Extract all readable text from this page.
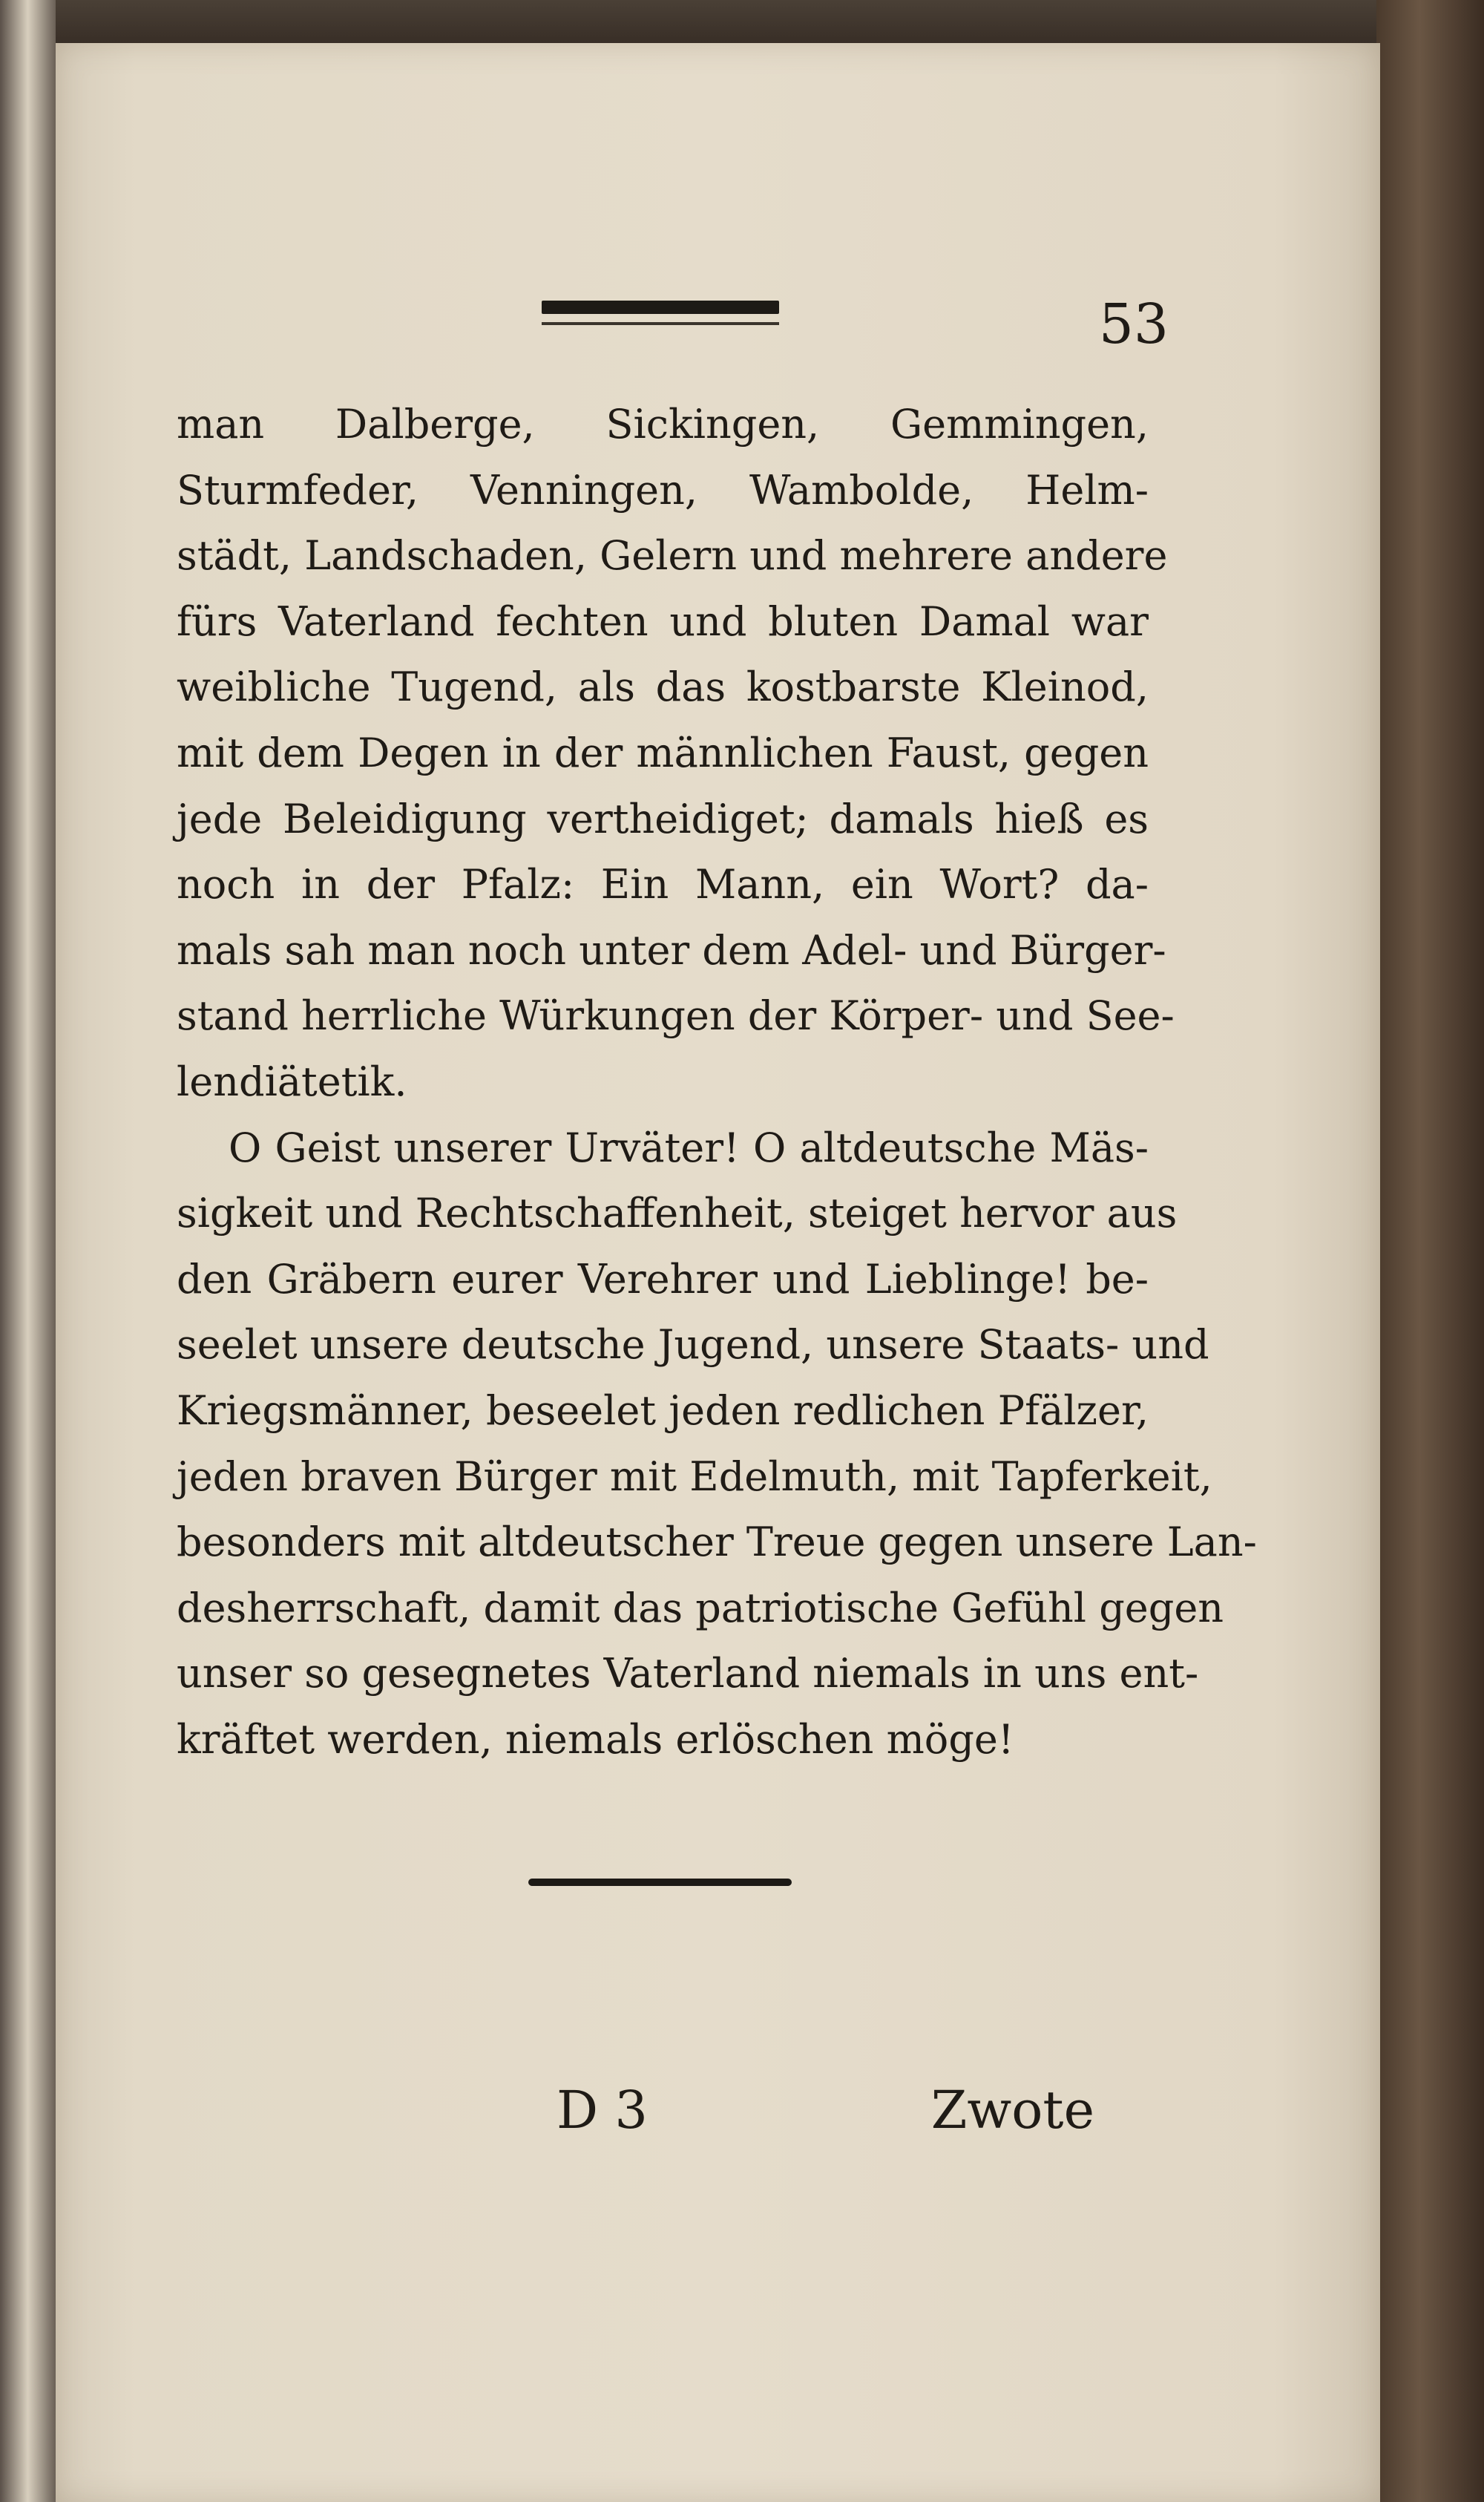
53
man Dalberge, Sickingen, Gemmingen,
Sturmfeder, Venningen, Wambolde, Helm-
städt, Landschaden, Gelern und mehrere andere
fürs Vaterland fechten und bluten Damal war
weibliche Tugend, als das kostbarste Kleinod,
mit dem Degen in der männlichen Faust, gegen
jede Beleidigung vertheidiget; damals hieß es
noch in der Pfalz: Ein Mann, ein Wort? da-
mals sah man noch unter dem Adel- und Bürger-
stand herrliche Würkungen der Körper- und See-
lendiätetik.
O Geist unserer Urväter! O altdeutsche Mäs-
sigkeit und Rechtschaffenheit, steiget hervor aus
den Gräbern eurer Verehrer und Lieblinge! be-
seelet unsere deutsche Jugend, unsere Staats- und
Kriegsmänner, beseelet jeden redlichen Pfälzer,
jeden braven Bürger mit Edelmuth, mit Tapferkeit,
besonders mit altdeutscher Treue gegen unsere Lan-
desherrschaft, damit das patriotische Gefühl gegen
unser so gesegnetes Vaterland niemals in uns ent-
kräftet werden, niemals erlöschen möge!
D 3	Zwote
